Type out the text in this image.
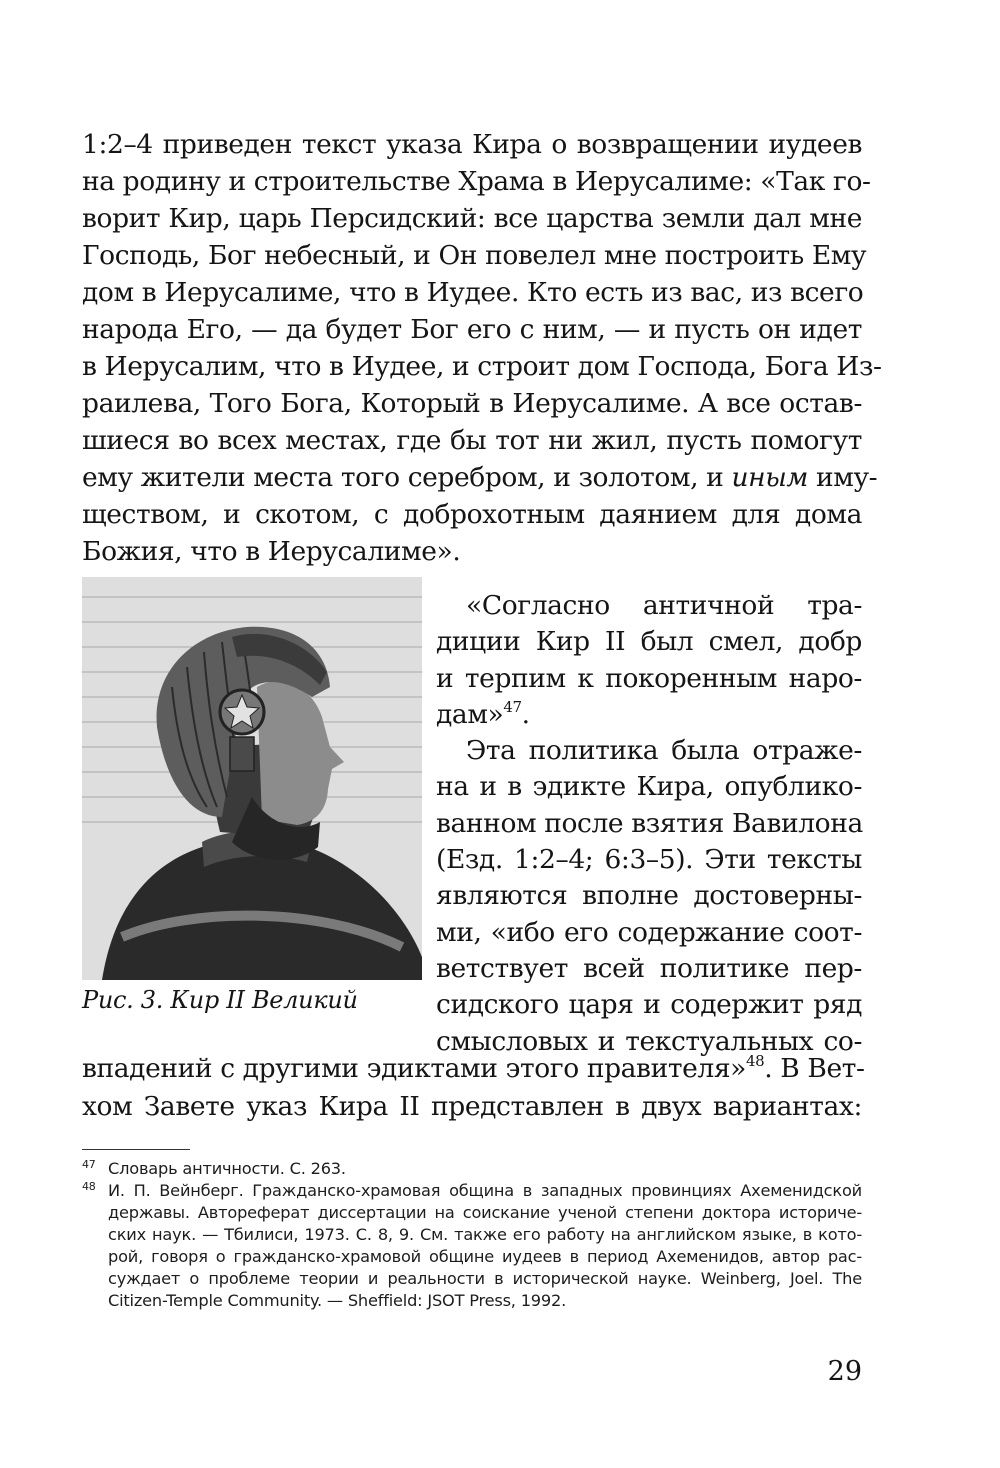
1:2–4 приведен текст указа Кира о возвращении иудеев
на родину и строительстве Храма в Иерусалиме: «Так го-
ворит Кир, царь Персидский: все царства земли дал мне
Господь, Бог небесный, и Он повелел мне построить Ему
дом в Иерусалиме, что в Иудее. Кто есть из вас, из всего
народа Его, — да будет Бог его с ним, — и пусть он идет
в Иерусалим, что в Иудее, и строит дом Господа, Бога Из-
раилева, Того Бога, Который в Иерусалиме. А все остав-
шиеся во всех местах, где бы тот ни жил, пусть помогут
ему жители места того серебром, и золотом, и иным иму-
ществом, и скотом, с доброхотным даянием для дома
Божия, что в Иерусалиме».
Рис. 3. Кир II Великий
«Согласно античной тра-
диции Кир II был смел, добр
и терпим к покоренным наро-
дам»$^{47}$.
Эта политика была отраже-
на и в эдикте Кира, опублико-
ванном после взятия Вавилона
(Езд. 1:2–4; 6:3–5). Эти тексты
являются вполне достоверны-
ми, «ибо его содержание соот-
ветствует всей политике пер-
сидского царя и содержит ряд
смысловых и текстуальных со-
впадений с другими эдиктами этого правителя»$^{48}$. В Вет-
хом Завете указ Кира II представлен в двух вариантах:
47 Словарь античности. С. 263.
48 И. П. Вейнберг. Гражданско-храмовая община в западных провинциях Ахеменидской
державы. Автореферат диссертации на соискание ученой степени доктора историче-
ских наук. — Тбилиси, 1973. С. 8, 9. См. также его работу на английском языке, в кото-
рой, говоря о гражданско-храмовой общине иудеев в период Ахеменидов, автор рас-
суждает о проблеме теории и реальности в исторической науке. Weinberg, Joel. The
Citizen-Temple Community. — Sheffield: JSOT Press, 1992.
29
